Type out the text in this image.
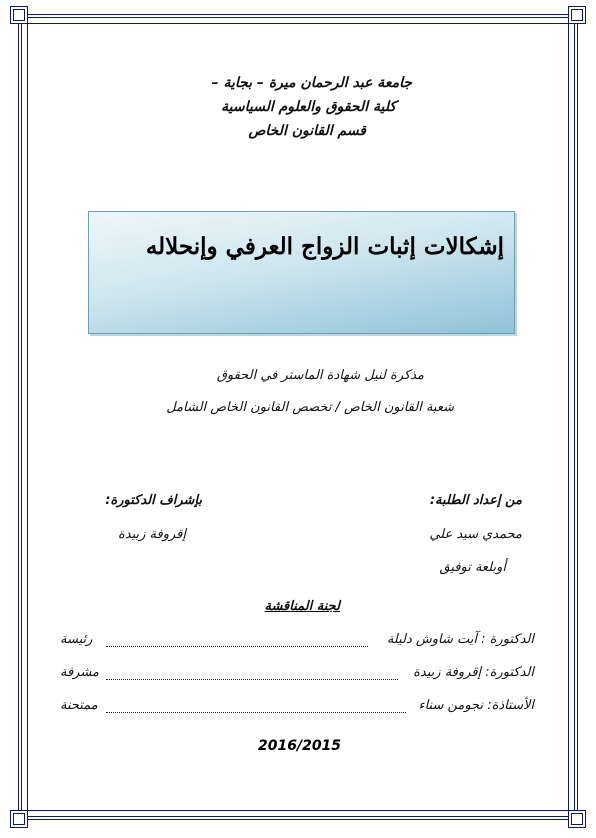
جامعة عبد الرحمان ميرة – بجاية –
كلية الحقوق والعلوم السياسية
قسم القانون الخاص
إشكالات إثبات الزواج العرفي وإنحلاله
مذكرة لنيل شهادة الماستر في الحقوق
شعبة القانون الخاص / تخصص القانون الخاص الشامل
من إعداد الطلبة:
محمدي سيد علي
أوبلعة توفيق
بإشراف الدكتورة:
إقروفة زبيدة
لجنة المناقشة
الدكتورة : آيت شاوش دليلة
رئيسة
الدكتورة: إقروفة زبيدة
مشرفة
الأستاذة: نجومن سناء
ممتحنة
2016/2015
